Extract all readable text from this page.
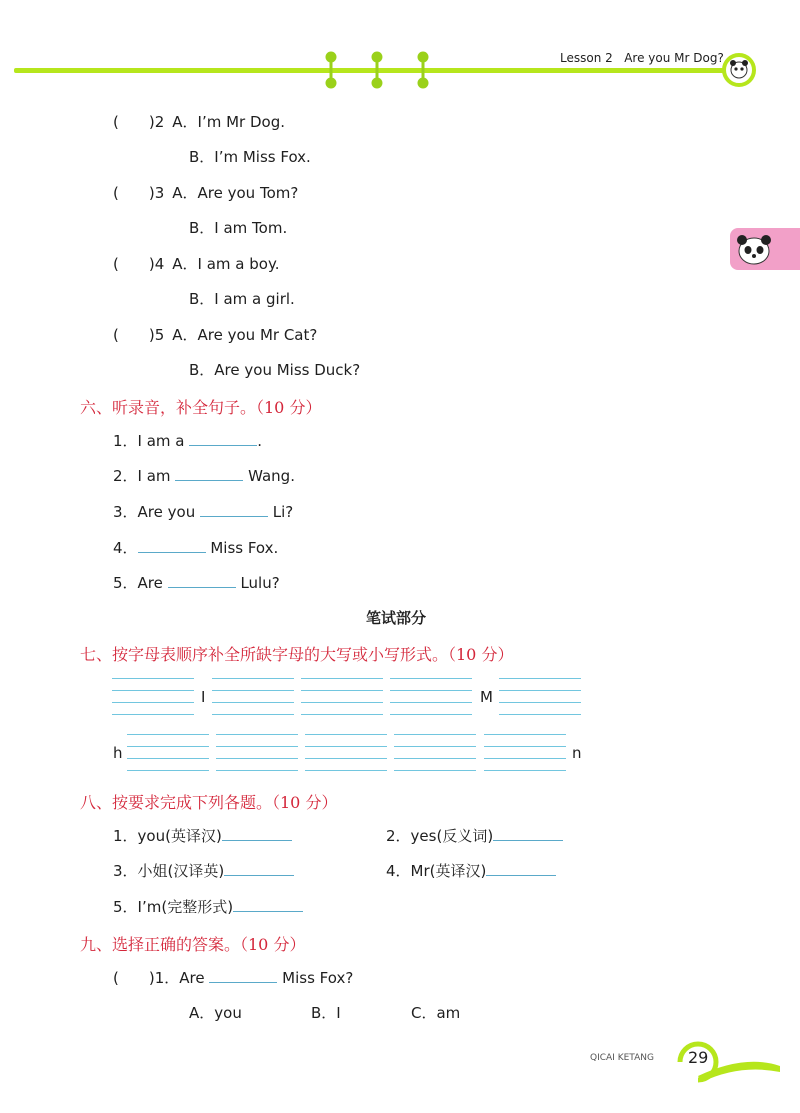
Lesson 2 Are you Mr Dog?
( )2 A．I’m Mr Dog.
B．I’m Miss Fox.
( )3 A．Are you Tom?
B．I am Tom.
( )4 A．I am a boy.
B．I am a girl.
( )5 A．Are you Mr Cat?
B．Are you Miss Duck?
六、听录音，补全句子。（10 分）
1．I am a	.
2．I am	Wang.
3．Are you	Li?
4．	Miss Fox.
5．Are	Lulu?
笔试部分
七、按字母表顺序补全所缺字母的大写或小写形式。（10 分）
I	M
h	n
八、按要求完成下列各题。（10 分）
1．you(英译汉)	2．yes(反义词)
3．小姐(汉译英)	4．Mr(英译汉)
5．I’m(完整形式)
九、选择正确的答案。（10 分）
( )1．Are	Miss Fox?
A．you	B．I	C．am
QICAI KETANG 29
